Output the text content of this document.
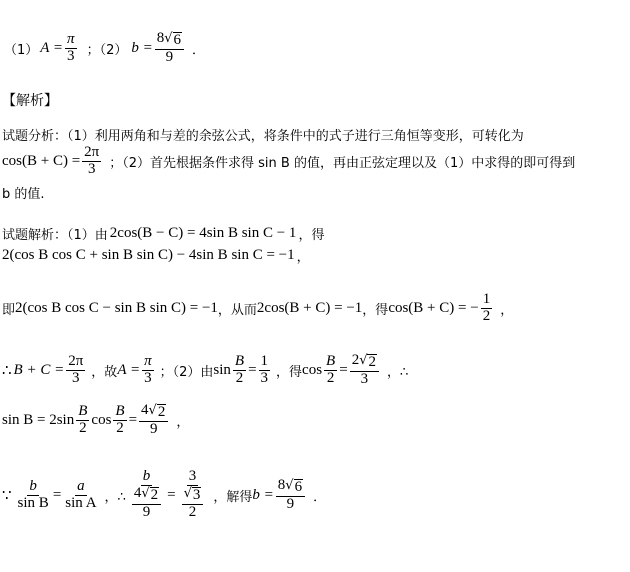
（1） $A = \frac{\pi}{3}$ ；（2） $b = \frac{8 √ 6}{9}$ ．
【解析】
试题分析：（1）利用两角和与差的余弦公式，将条件中的式子进行三角恒等变形，可转化为
$\cos(B + C) = \frac{2\pi}{3}$ ；（2）首先根据条件求得 sin B 的值，再由正弦定理以及（1）中求得的即可得到
b 的值.
试题解析：（1）由 2cos(B − C) = 4sin B sin C − 1 ，得
2(cos B cos C + sin B sin C) − 4sin B sin C = −1 ，
即 2(cos B cos C − sin B sin C) = −1 ，从而 2cos(B + C) = −1 ，得 cos(B + C) = − $\frac{1}{2}$ ，
∴ $B + C = \frac{2\pi}{3}$ ，故 $A = \frac{\pi}{3}$ ；（2）由 $\sin \frac{B}{2} = \frac{1}{3}$ ，得 $\cos \frac{B}{2} = \frac{2 √ 2}{3}$ ，∴
$\sin B = 2\sin \frac{B}{2}$ $\cos \frac{B}{2} = \frac{4 √ 2}{9}$ ，
∵ $\frac{b}{\text{sin B}} = \frac{a}{\text{sin A}}$ ，∴ $\frac{b}{\frac{4 √ 2}{9}} = \frac{3}{\frac{√ 3}{2}}$ ，解得 $b = \frac{8 √ 6}{9}$ ．
